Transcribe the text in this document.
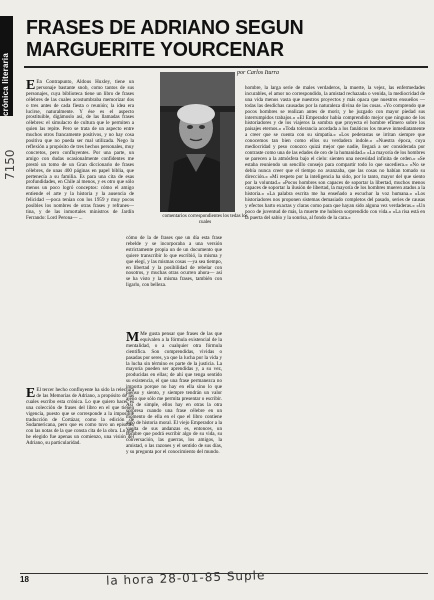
crónica literaria
7150
FRASES DE ADRIANO SEGUN MARGUERITE YOURCENAR
por Carlos Iturra

E En Contrapunto, Aldous Huxley, tiene un personaje bastante snob, como tantos de sus personajes, cuya biblioteca tiene un libro de frases célebres de las cuales acostumbraba memorizar dos o tres antes de cada fiesta o reunión; la idea era lucirse, naturalmente. Y ése es el aspecto prostituible, digámoslo así, de las llamadas frases célebres: el simulacro de cultura que le permiten a quien las repite. Pero se trata de un aspecto entre muchos otros francamente positivos, y no hay cosa positiva que no pueda ser mal utilizada. Nego la reflexión a propósito de tres hechos personales, muy concretos, pero confluyentes. Por una parte, un amigo con dudas ocasionalmente confidentes me prestó un tomo de un Gran diccionario de frases célebres, de unas 400 páginas en papel biblia, que pertenecía a su familia. Es para una cita de esas profundidades, en Chile al menos, y es otro que sólo menos un poco logró conceptos: cómo el amigo entiende el arte y la historia y la ausencia de felicidad —poca tenían con los 1959 y muy pocos posibles los nombres de otras frases y refranes— tina, y de las inmortales ministros de Jardín Ferrando: Lord Perona— ...	comentarios correspondientes los tedas los cuales

cómo de la de frases que un día esta frase rebelde y se incorporaba a una versión estrictamente propia un de un documento que quiere transcribir lo que escribió, la misma y que elegí, y las mismas cosas —ya sea tiempo, en libertad y la posibilidad de rebelar con nosotros, y muchas otras ocurren ahora— así se ha visto y la misma frases, también con ligarlo, con belleza.

M Me gusta pensar que frases de las que equivalen a la fórmula existencial de la mentalidad, o a cualquier otra fórmula científica. Son comprendidas, vividas o pasadas por seres, ya que la lucha por la vida y la lucha sin término es parte de la justicia. La mayoría pueden ser aprendidas y, a su vez, producidas en ellas; de ahí que tenga sentido su existencia, el que una frase permanezca no importa porque no hay en ella sino lo que pienso y siento, y siempre tendrán un valor ajeno que sólo me permita presentar o escribir. Así de simple, ellos hay en otras la otra sorpresa cuando una frase célebre en un momento de ella en el que el libro contiene algo de historia moral. El viejo Emperador a la vuelta de sus andanzas es, entonces, un hombre que podrá escribir algo de su vida, su conversación, las guerras, los amigos, la amistad, o las razones y el sentido de sus días, y su pregunta por el conocimiento del mundo.

E El tercer hecho confluyente ha sido la relectura de las Memorias de Adriano, a propósito de las cuales escribo esta crónica. Lo que quiero hacer es una colección de frases del libro en el que tienen vigencia, puesto que se corresponde a la imposible traducción de Cortázar, como la edición de Sudamericana, pero que es como tuvo un episodio con las notas de la que consta cita de la obra. Lo que he elegido fue apenas un comienzo, una visión del Adriano, su particularidad.

hombre, la larga serie de males verdaderos, la muerte, la vejez, las enfermedades incurables, el amor no correspondido, la amistad rechazada o venida, la mediocridad de una vida menos vasta que nuestros proyectos y más opaca que nuestros ensueños —todas las desdichas causadas por la naturaleza divina de las cosas. «Yo comprendo que pocos hombres se realizan antes de morir, y he juzgado con mayor piedad sus interrumpidos trabajos.» «El Emperador había comprendido mejor que ninguno de los historiadores y de los viajeros la sombra que proyecta el hombre efímero sobre los paisajes eternos.» «Toda tolerancia acordada a los fanáticos los mueve inmediatamente a creer que se cuenta con su simpatía.» «Los pederastas se irritan siempre que conocemos tan bien como ellos su verdadera índole.» «Nuestra época, cuya mediocridad y peso conozco quizá mejor que nadie, llegará a ser considerada por contraste como una de las edades de oro de la humanidad.» «La mayoría de los hombres se parecen a la atmósfera bajo el cielo: sienten una necesidad infinita de orden.» «Se estaba reuniendo un sencillo consejo para compartir todo lo que sucediera.» «No se debía nunca creer que el tiempo no avanzaba, que las cosas no habían tomado su dirección.» «Mi respeto por la inteligencia ha sido, por lo tanto, mayor del que siento por la voluntad.» «Pocos hombres son capaces de soportar la libertad, muchos menos capaces de soportar la ilusión de libertad, la mayoría de los hombres mueren atados a la historia.» «La palabra escrita me ha enseñado a escuchar la voz humana.» «Los historiadores nos proponen sistemas demasiado completos del pasado, series de causas y efectos harto exactas y claras como para que hayan sido alguna vez verdaderas.» «Un poco de juventud de más, la muerte me hubiera sorprendido con vida.» «La risa está en la puerta del sabio y la sonrisa, al fondo de la cara.»

18	la hora 28-01-85 Suple
